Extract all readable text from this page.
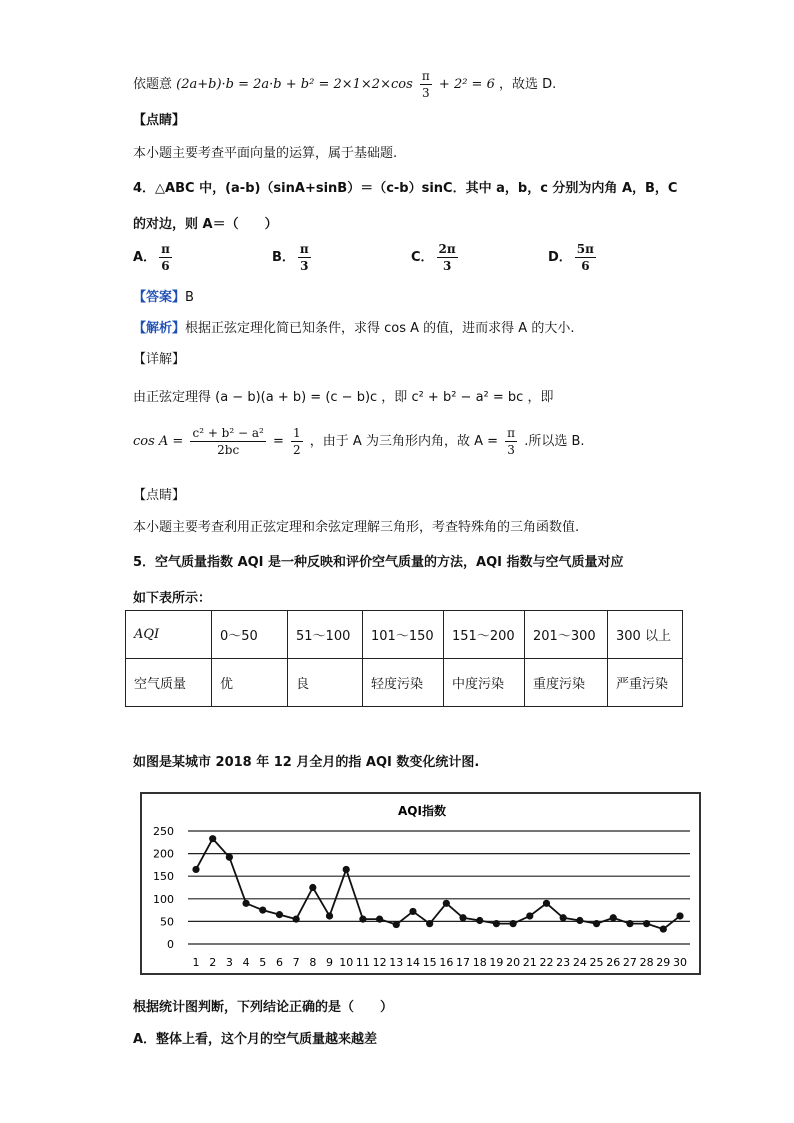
依题意 $(2a+b)\cdot b = 2a\cdot b + b^2 = 2\times 1\times 2\times\cos \frac{\pi}{3} + 2^2 = 6$ ，故选 D.
【点睛】
本小题主要考查平面向量的运算，属于基础题.
4．△ABC 中，(a-b)（sinA+sinB）＝（c-b）sinC．其中 a，b，c 分别为内角 A，B，C
的对边，则 A＝（　　）
A． $\frac{\pi}{6}$	B． $\frac{\pi}{3}$	C． $\frac{2\pi}{3}$	D． $\frac{5\pi}{6}$
【答案】B
【解析】根据正弦定理化简已知条件，求得 cos A 的值，进而求得 A 的大小.
【详解】
由正弦定理得 (a − b)(a + b) = (c − b)c ，即 c² + b² − a² = bc ，即
$\cos A = \frac{\text{c² + b² − a²}}{2bc} = \frac{1}{2}$ ，由于 A 为三角形内角，故 $A = \frac{\pi}{3}$ .所以选 B.
【点睛】
本小题主要考查利用正弦定理和余弦定理解三角形，考查特殊角的三角函数值.
5．空气质量指数 AQI 是一种反映和评价空气质量的方法，AQI 指数与空气质量对应
如下表所示：
AQI	0～50	51～100	101～150	151～200	201～300	300 以上
空气质量	优	良	轻度污染	中度污染	重度污染	严重污染
如图是某城市 2018 年 12 月全月的指 AQI 数变化统计图.
AQI指数
0
50
100
150
200
250
1 2 3 4 5 6 7 8 9 10 11 12 13 14 15 16 17 18 19 20 21 22 23 24 25 26 27 28 29 30
根据统计图判断，下列结论正确的是（　　）
A．整体上看，这个月的空气质量越来越差
